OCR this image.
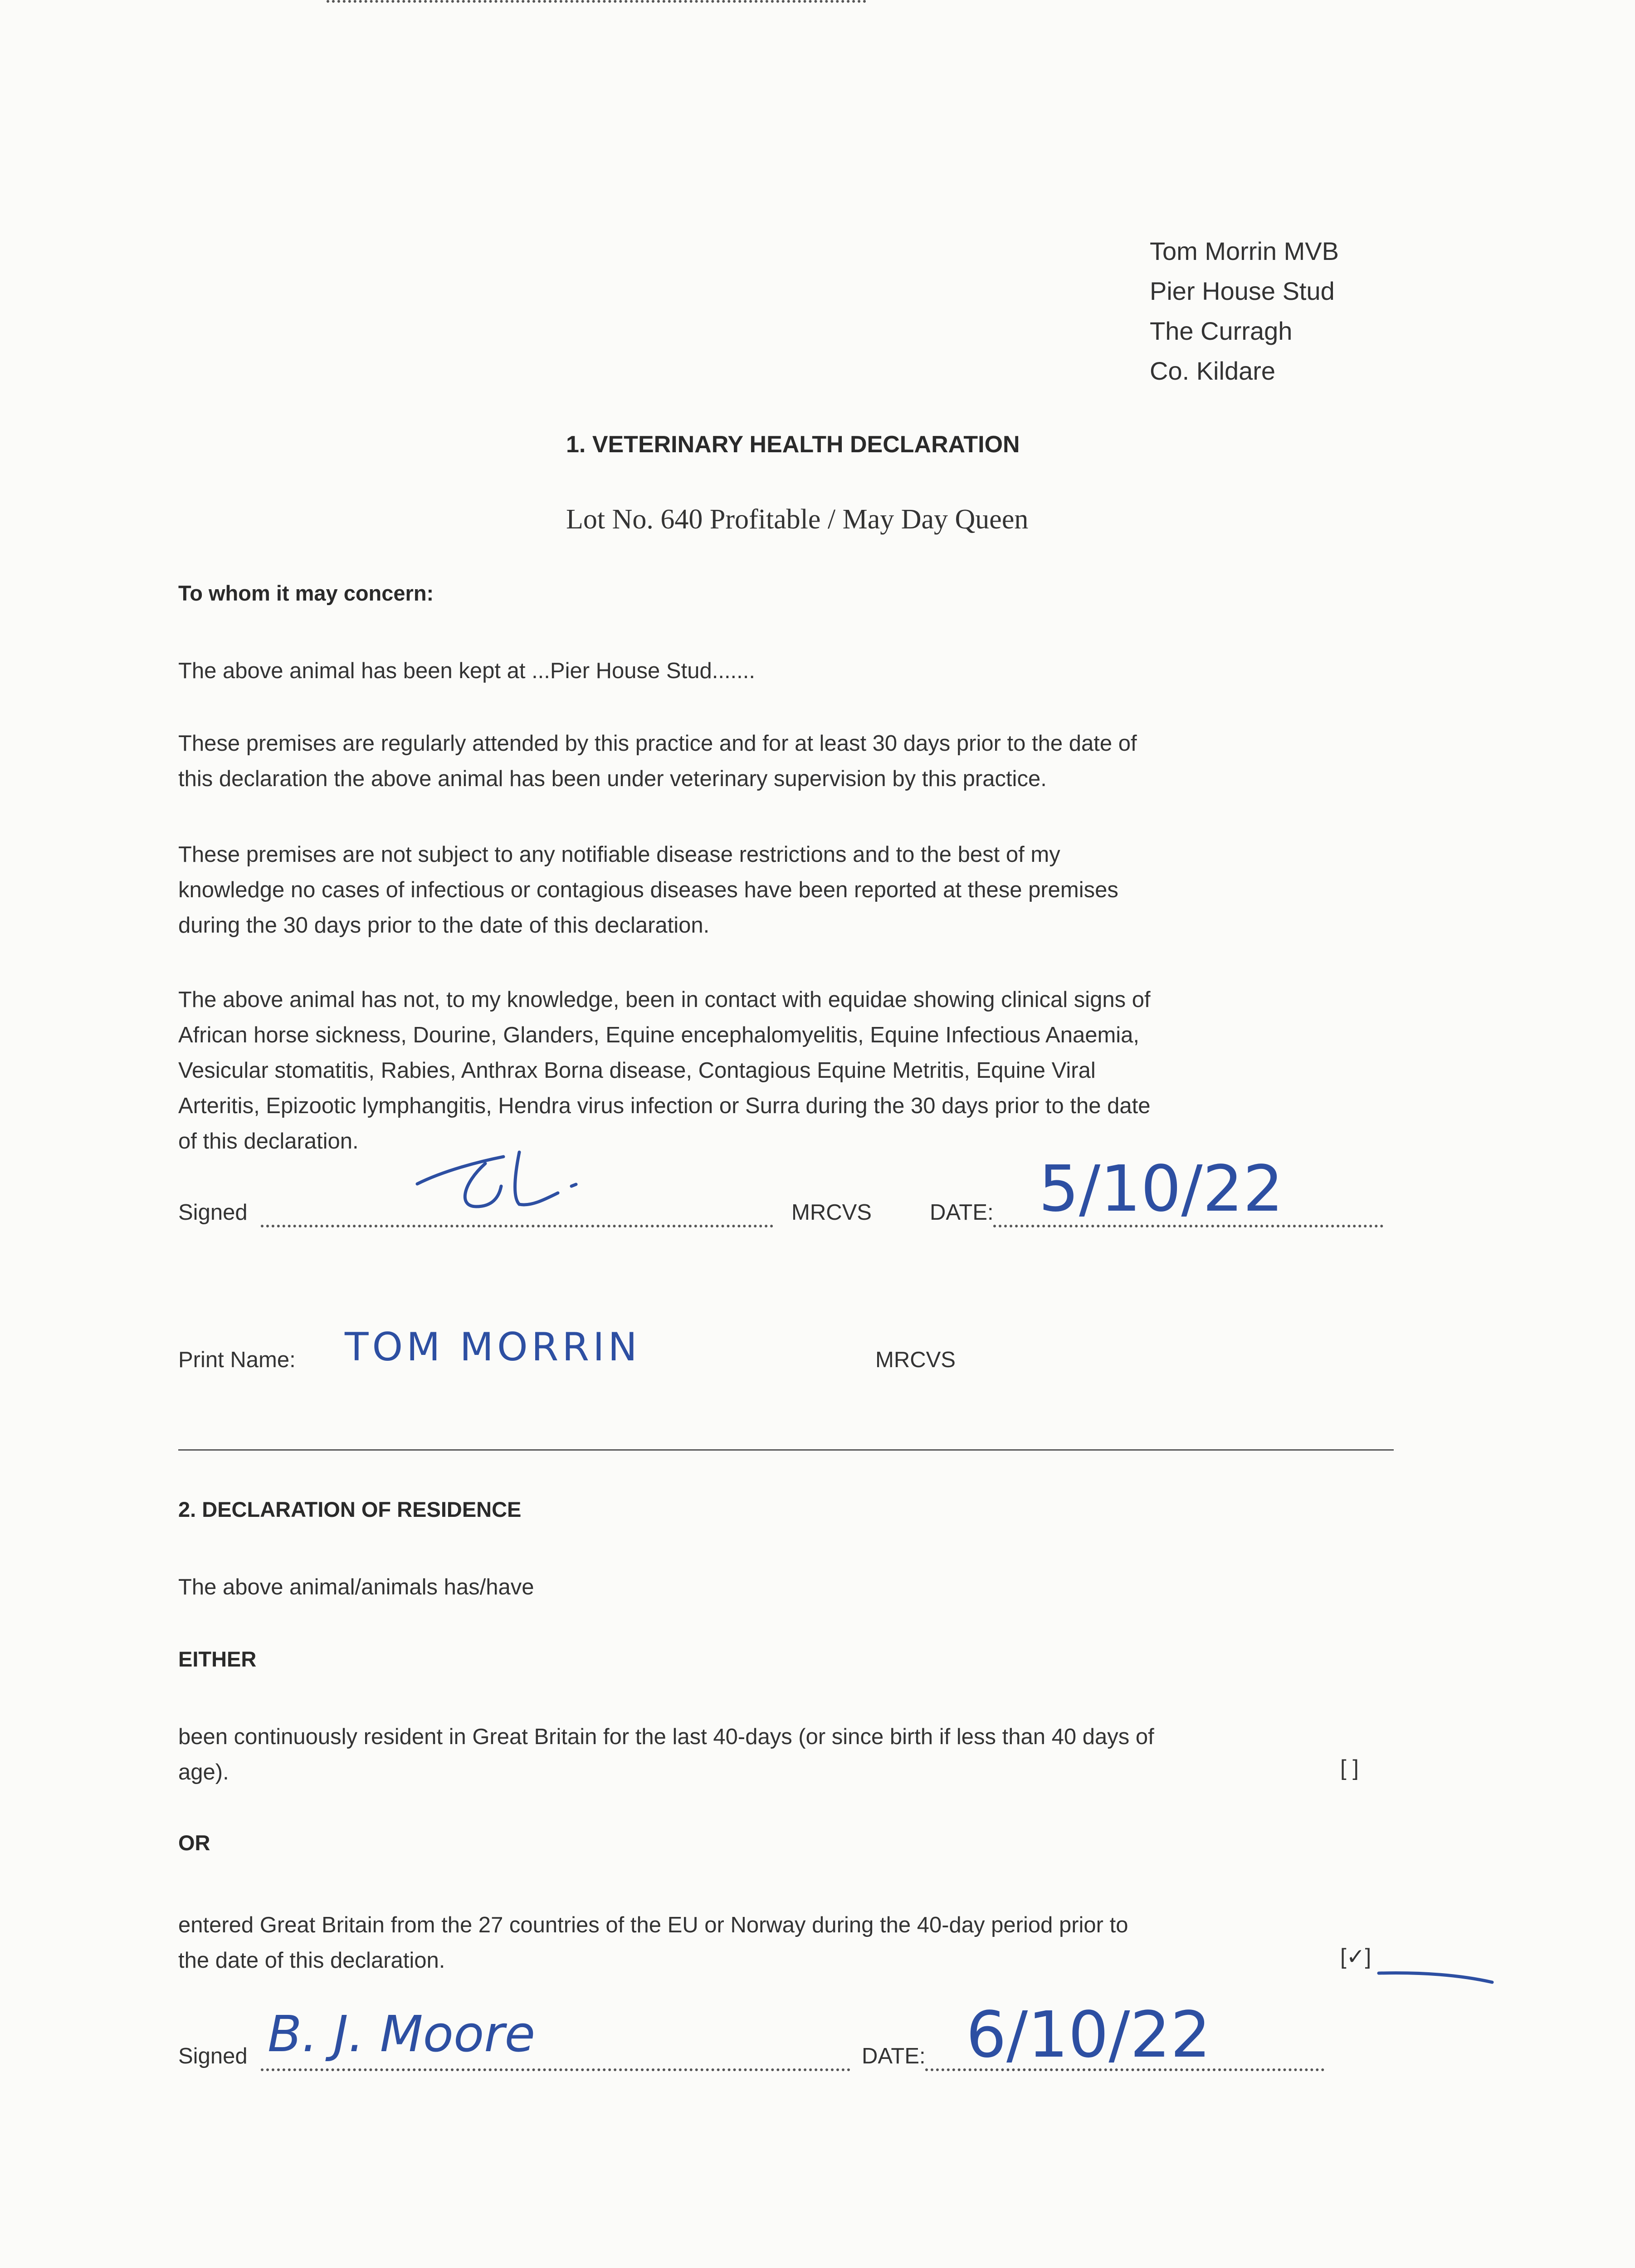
Tom Morrin MVB
Pier House Stud
The Curragh
Co. Kildare
1. VETERINARY HEALTH DECLARATION
Lot No. 640 Profitable / May Day Queen
To whom it may concern:
The above animal has been kept at ...Pier House Stud.......
These premises are regularly attended by this practice and for at least 30 days prior to the date of
this declaration the above animal has been under veterinary supervision by this practice.
These premises are not subject to any notifiable disease restrictions and to the best of my
knowledge no cases of infectious or contagious diseases have been reported at these premises
during the 30 days prior to the date of this declaration.
The above animal has not, to my knowledge, been in contact with equidae showing clinical signs of
African horse sickness, Dourine, Glanders, Equine encephalomyelitis, Equine Infectious Anaemia,
Vesicular stomatitis, Rabies, Anthrax Borna disease, Contagious Equine Metritis, Equine Viral
Arteritis, Epizootic lymphangitis, Hendra virus infection or Surra during the 30 days prior to the date
of this declaration.
Signed	MRCVS	DATE: 5/10/22
Print Name: TOM MORRIN	MRCVS
2. DECLARATION OF RESIDENCE
The above animal/animals has/have
EITHER
been continuously resident in Great Britain for the last 40-days (or since birth if less than 40 days of
age).	[ ]
OR
entered Great Britain from the 27 countries of the EU or Norway during the 40-day period prior to
the date of this declaration.	[✓]
Signed B. J. Moore	DATE: 6/10/22
